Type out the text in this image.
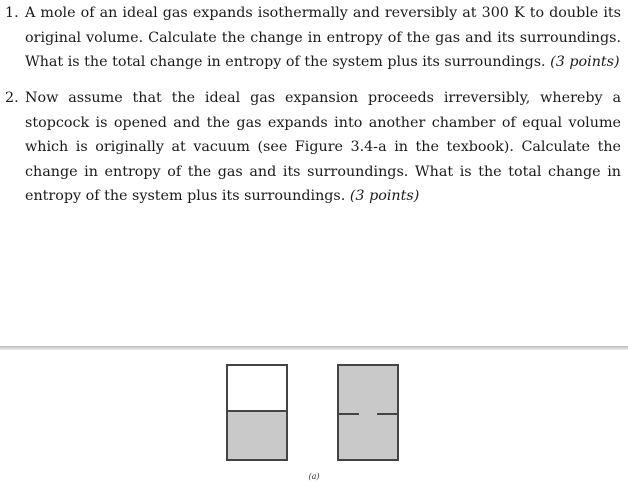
1. A mole of an ideal gas expands isothermally and reversibly at 300 K to double its original volume. Calculate the change in entropy of the gas and its surroundings. What is the total change in entropy of the system plus its surroundings. (3 points)
2. Now assume that the ideal gas expansion proceeds irreversibly, whereby a stopcock is opened and the gas expands into another chamber of equal volume which is originally at vacuum (see Figure 3.4-a in the texbook). Calculate the change in entropy of the gas and its surroundings. What is the total change in entropy of the system plus its surroundings. (3 points)
(a)
